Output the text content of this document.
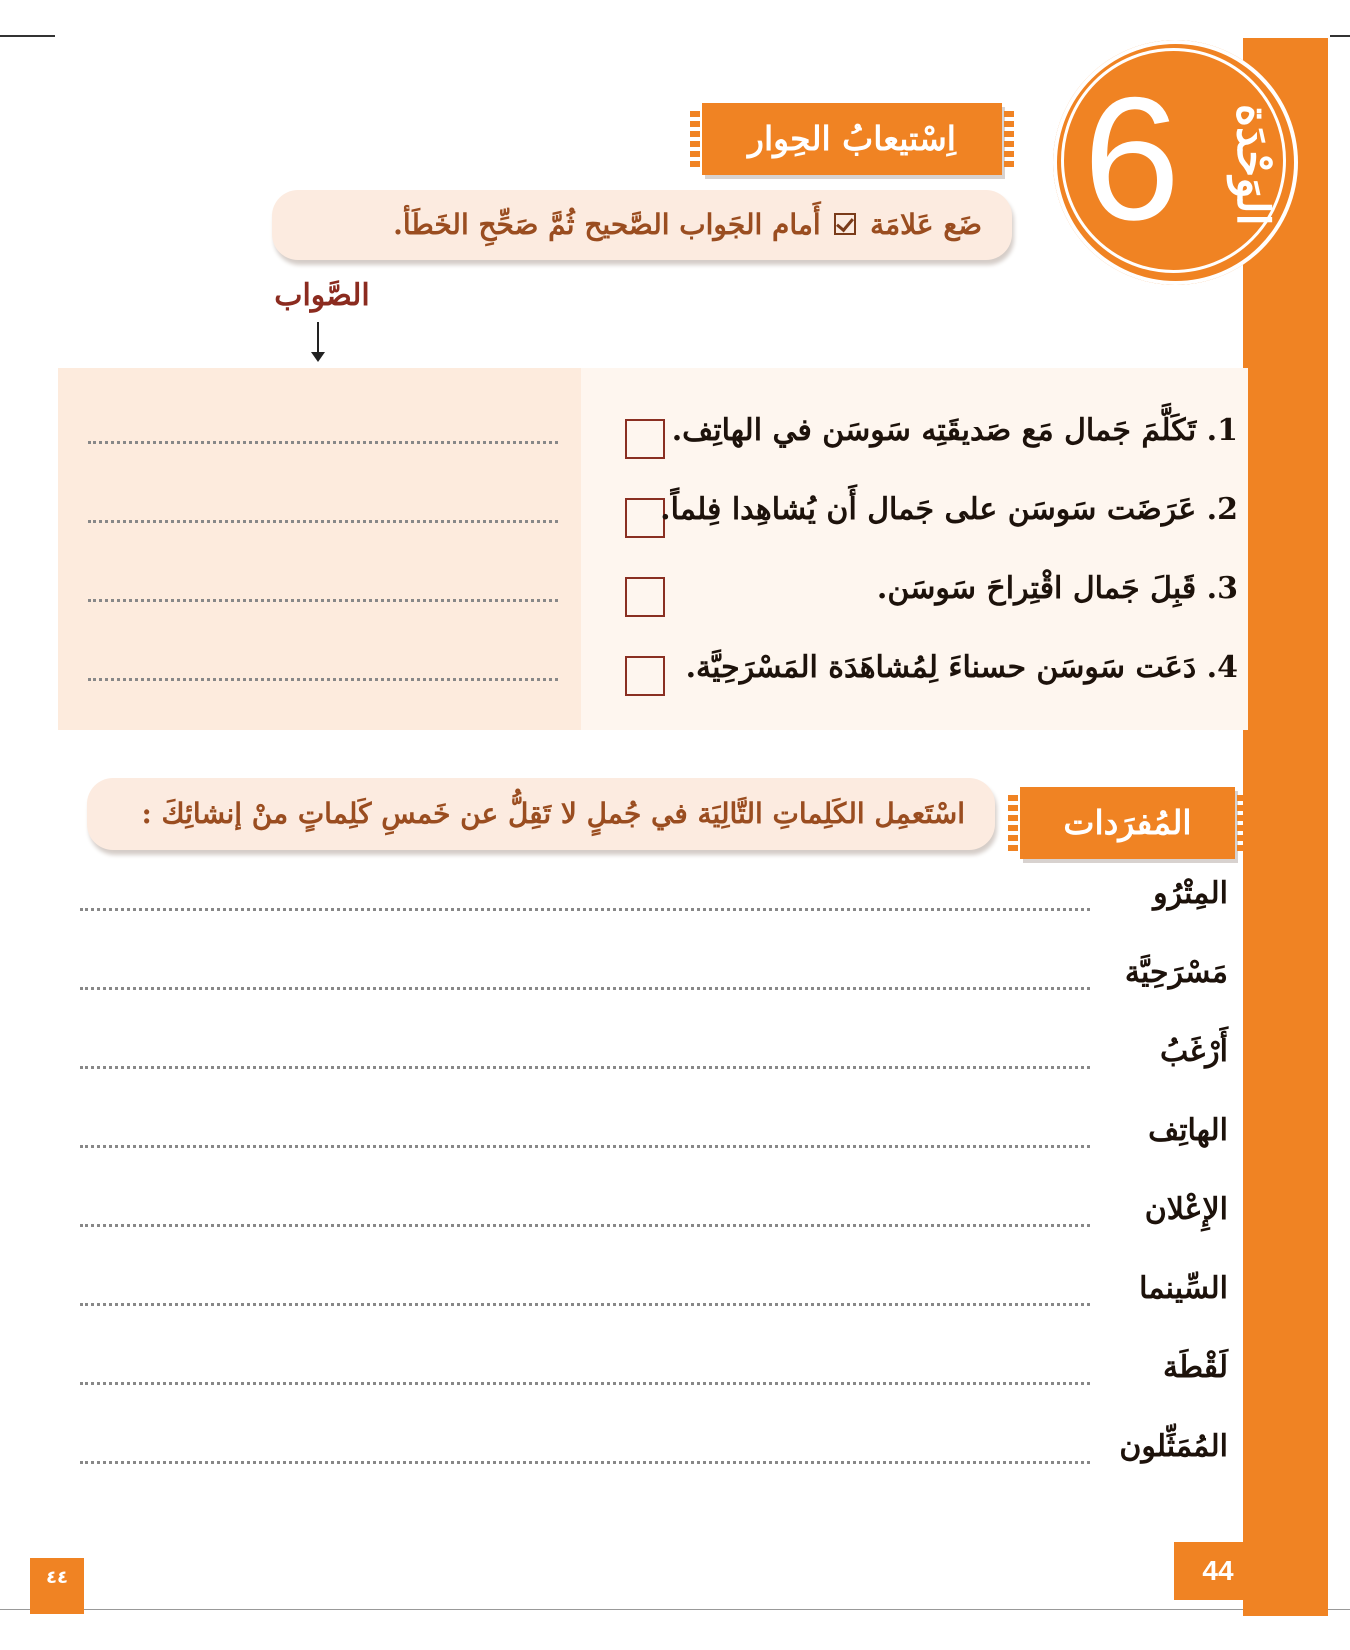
6 الوَحْدَة
اِسْتيعابُ الحِوار
ضَع عَلامَة  أَمام الجَواب الصَّحيح ثُمَّ صَحِّحِ الخَطَأ.
الصَّواب
1. تَكَلَّمَ جَمال مَع صَديقَتِه سَوسَن في الهاتِف.
2. عَرَضَت سَوسَن على جَمال أَن يُشاهِدا فِلماً.
3. قَبِلَ جَمال اقْتِراحَ سَوسَن.
4. دَعَت سَوسَن حسناءَ لِمُشاهَدَة المَسْرَحِيَّة.
المُفرَدات
اسْتَعمِل الكَلِماتِ التَّالِيَة في جُملٍ لا تَقِلُّ عن خَمسِ كَلِماتٍ منْ إنشائِكَ :
المِتْرُو
مَسْرَحِيَّة
أَرْغَبُ
الهاتِف
الإِعْلان
السِّينما
لَقْطَة
المُمَثِّلون
44
٤٤
